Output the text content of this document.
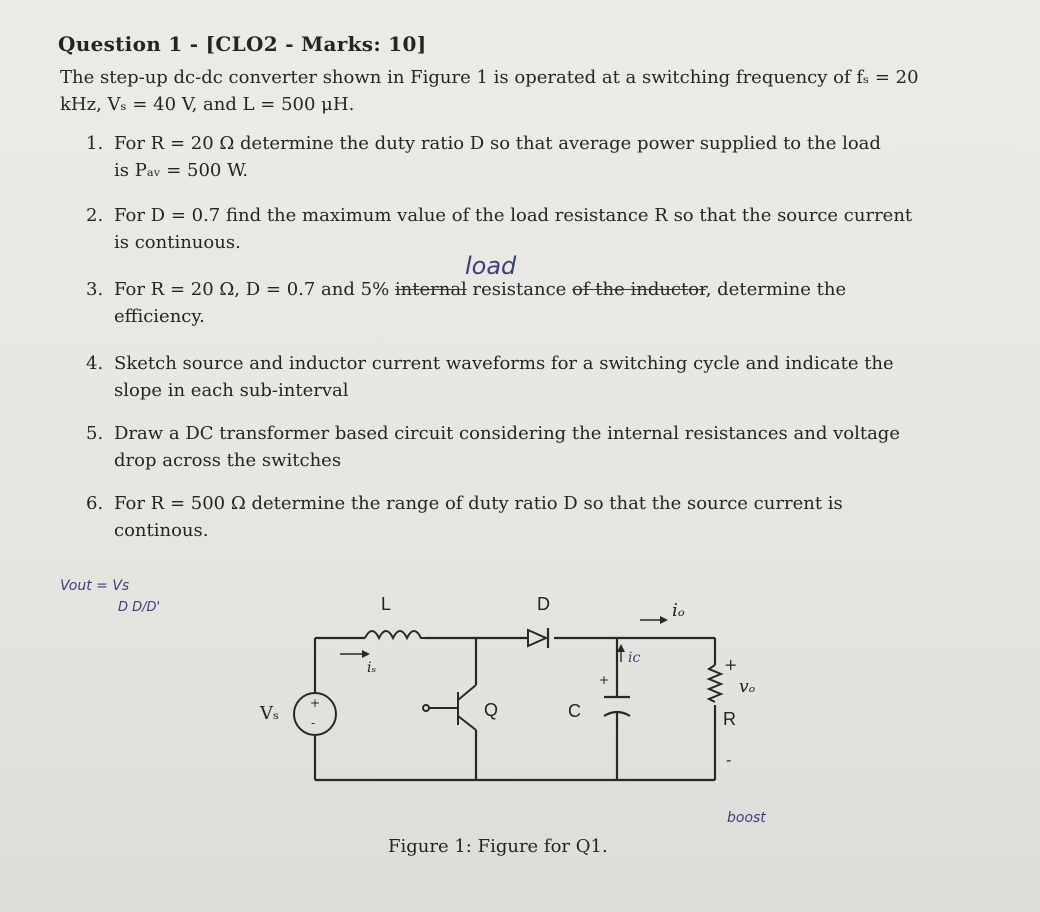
Question 1 - [CLO2 - Marks: 10]
The step-up dc-dc converter shown in Figure 1 is operated at a switching frequency of fₛ = 20
kHz, Vₛ = 40 V, and L = 500 μH.
1. For R = 20 Ω determine the duty ratio D so that average power supplied to the load
is Pₐᵥ = 500 W.
2. For D = 0.7 find the maximum value of the load resistance R so that the source current
is continuous.
3. For R = 20 Ω, D = 0.7 and 5% internal resistance of the inductor, determine the
efficiency.
4. Sketch source and inductor current waveforms for a switching cycle and indicate the
slope in each sub-interval
5. Draw a DC transformer based circuit considering the internal resistances and voltage
drop across the switches
6. For R = 500 Ω determine the range of duty ratio D so that the source current is
continous.
load
Vout = Vs
D D/D'
boost
L	D	iₒ
iₛ
+
-
Vₛ	Q
+
C
ic
R
+
-
vₒ
Figure 1: Figure for Q1.
